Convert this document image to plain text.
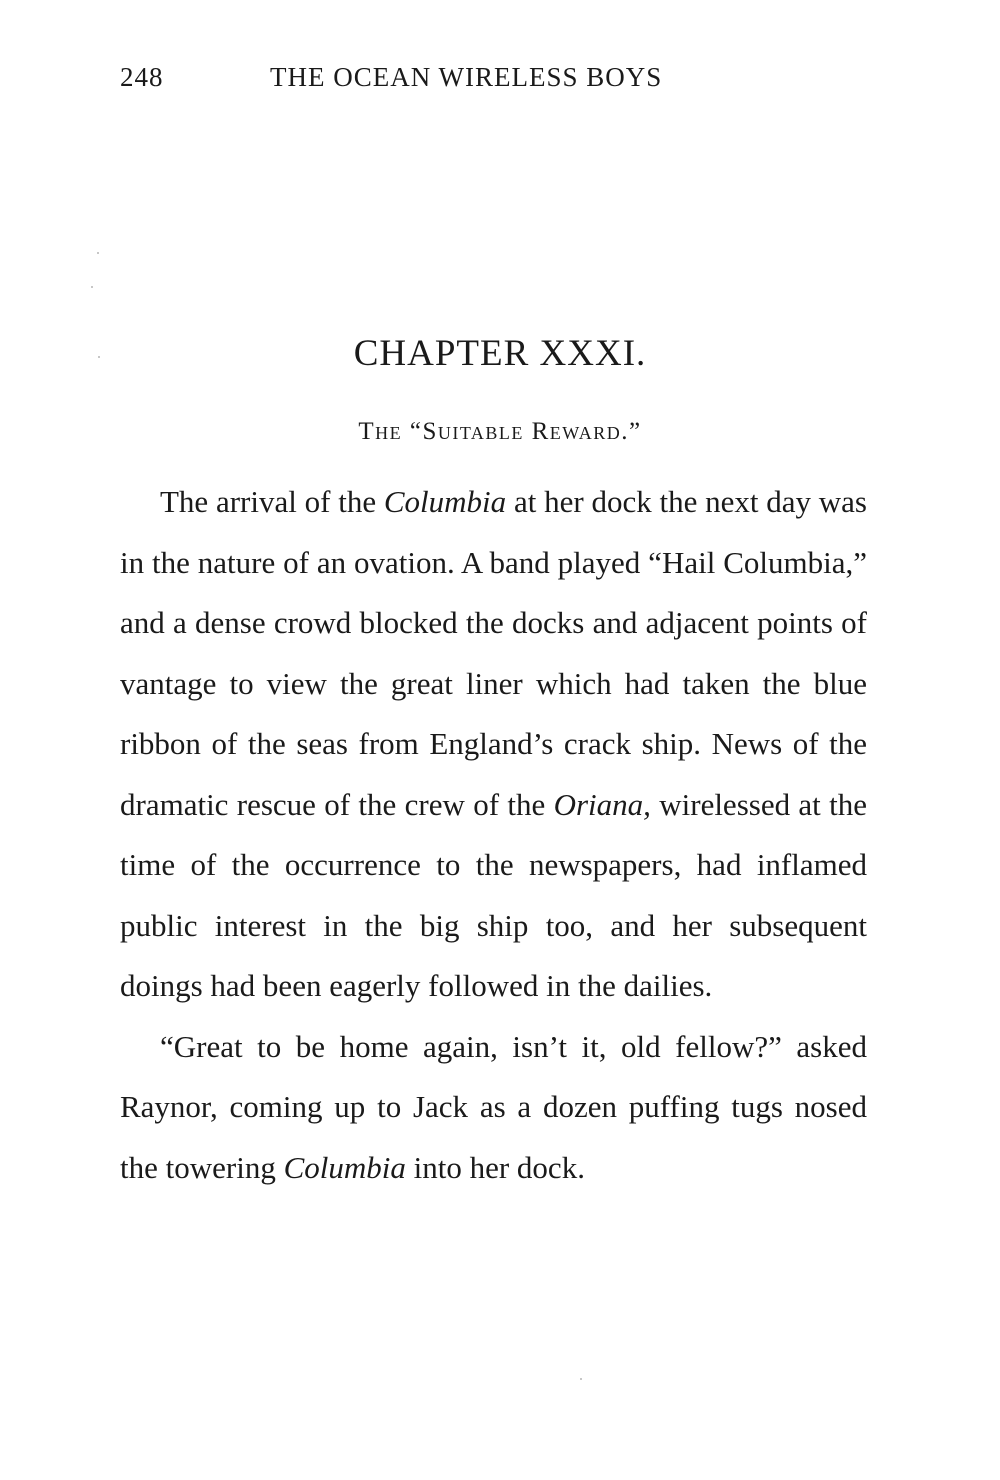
248	THE OCEAN WIRELESS BOYS
CHAPTER XXXI.
The “Suitable Reward.”

The arrival of the Columbia at her dock the next day was in the nature of an ovation. A band played “Hail Columbia,” and a dense crowd blocked the docks and adjacent points of vantage to view the great liner which had taken the blue ribbon of the seas from England’s crack ship. News of the dramatic rescue of the crew of the Oriana, wirelessed at the time of the occurrence to the newspapers, had inflamed public interest in the big ship too, and her subsequent doings had been eagerly followed in the dailies.

“Great to be home again, isn’t it, old fellow?” asked Raynor, coming up to Jack as a dozen puffing tugs nosed the towering Columbia into her dock.
